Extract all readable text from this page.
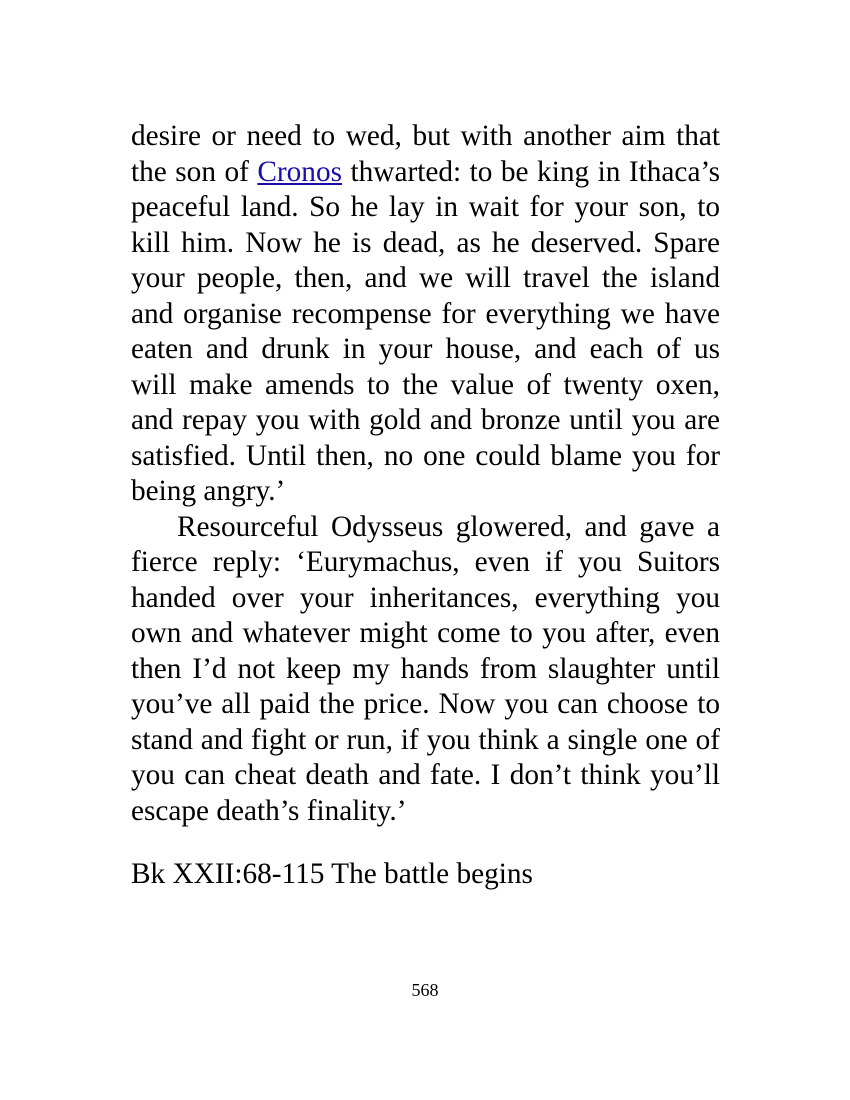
desire or need to wed, but with another aim that the son of Cronos thwarted: to be king in Ithaca’s peaceful land. So he lay in wait for your son, to kill him. Now he is dead, as he deserved. Spare your people, then, and we will travel the island and organise recompense for everything we have eaten and drunk in your house, and each of us will make amends to the value of twenty oxen, and repay you with gold and bronze until you are satisfied. Until then, no one could blame you for being angry.’

Resourceful Odysseus glowered, and gave a fierce reply: ‘Eurymachus, even if you Suitors handed over your inheritances, everything you own and whatever might come to you after, even then I’d not keep my hands from slaughter until you’ve all paid the price. Now you can choose to stand and fight or run, if you think a single one of you can cheat death and fate. I don’t think you’ll escape death’s finality.’

Bk XXII:68-115 The battle begins
568
